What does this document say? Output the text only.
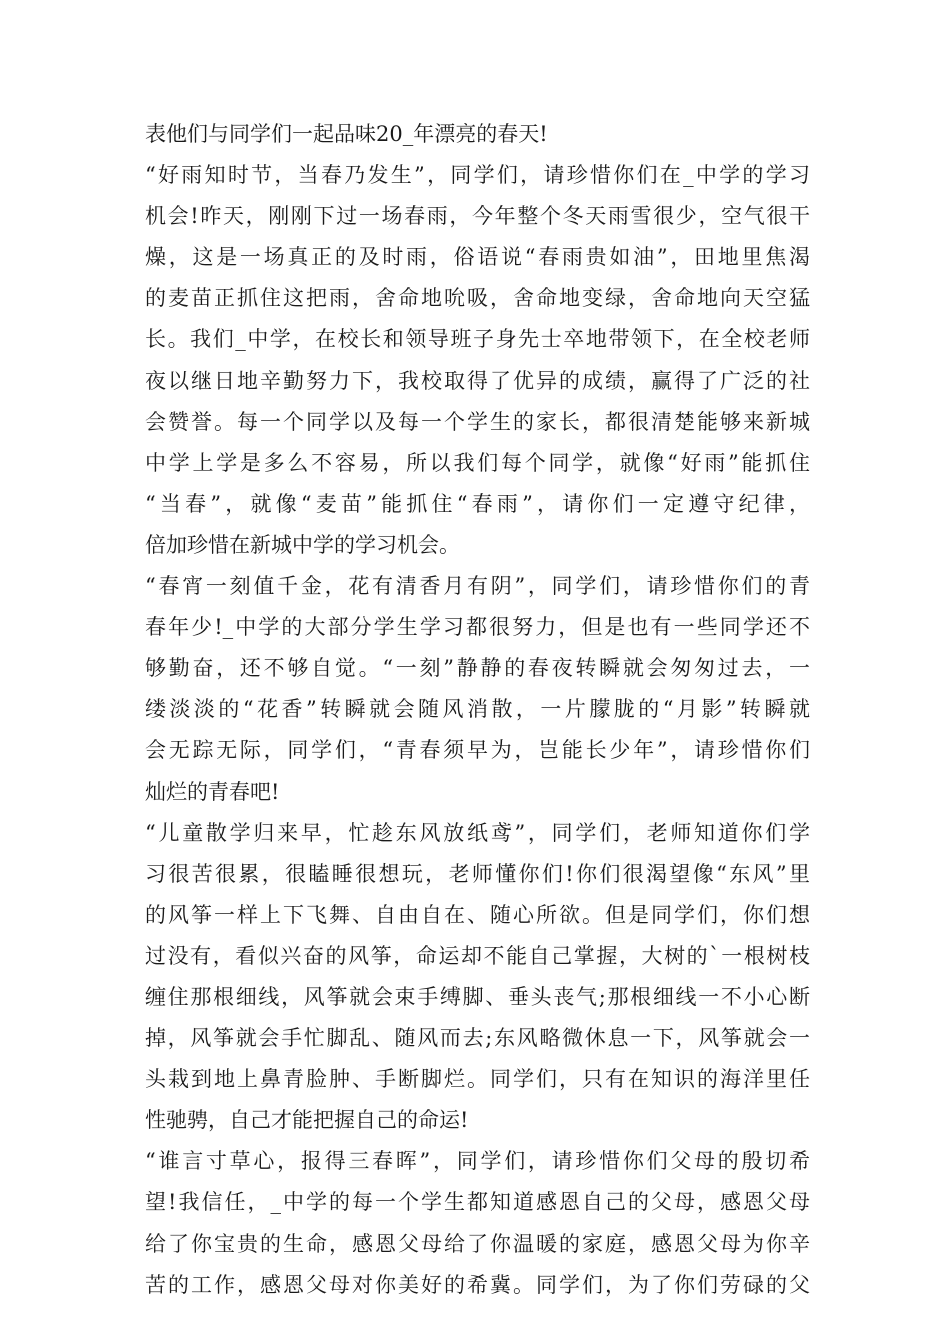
表他们与同学们一起品味20_年漂亮的春天!
“好雨知时节，当春乃发生”，同学们，请珍惜你们在_中学的学习
机会!昨天，刚刚下过一场春雨，今年整个冬天雨雪很少，空气很干
燥，这是一场真正的及时雨，俗语说“春雨贵如油”，田地里焦渴
的麦苗正抓住这把雨，舍命地吮吸，舍命地变绿，舍命地向天空猛
长。我们_中学，在校长和领导班子身先士卒地带领下，在全校老师
夜以继日地辛勤努力下，我校取得了优异的成绩，赢得了广泛的社
会赞誉。每一个同学以及每一个学生的家长，都很清楚能够来新城
中学上学是多么不容易，所以我们每个同学，就像“好雨”能抓住
“当春”，就像“麦苗”能抓住“春雨”，请你们一定遵守纪律，
倍加珍惜在新城中学的学习机会。
“春宵一刻值千金，花有清香月有阴”，同学们，请珍惜你们的青
春年少!_中学的大部分学生学习都很努力，但是也有一些同学还不
够勤奋，还不够自觉。“一刻”静静的春夜转瞬就会匆匆过去，一
缕淡淡的“花香”转瞬就会随风消散，一片朦胧的“月影”转瞬就
会无踪无际，同学们，“青春须早为，岂能长少年”，请珍惜你们
灿烂的青春吧!
“儿童散学归来早，忙趁东风放纸鸢”，同学们，老师知道你们学
习很苦很累，很瞌睡很想玩，老师懂你们!你们很渴望像“东风”里
的风筝一样上下飞舞、自由自在、随心所欲。但是同学们，你们想
过没有，看似兴奋的风筝，命运却不能自己掌握，大树的`一根树枝
缠住那根细线，风筝就会束手缚脚、垂头丧气;那根细线一不小心断
掉，风筝就会手忙脚乱、随风而去;东风略微休息一下，风筝就会一
头栽到地上鼻青脸肿、手断脚烂。同学们，只有在知识的海洋里任
性驰骋，自己才能把握自己的命运!
“谁言寸草心，报得三春晖”，同学们，请珍惜你们父母的殷切希
望!我信任，_中学的每一个学生都知道感恩自己的父母，感恩父母
给了你宝贵的生命，感恩父母给了你温暖的家庭，感恩父母为你辛
苦的工作，感恩父母对你美好的希冀。同学们，为了你们劳碌的父
